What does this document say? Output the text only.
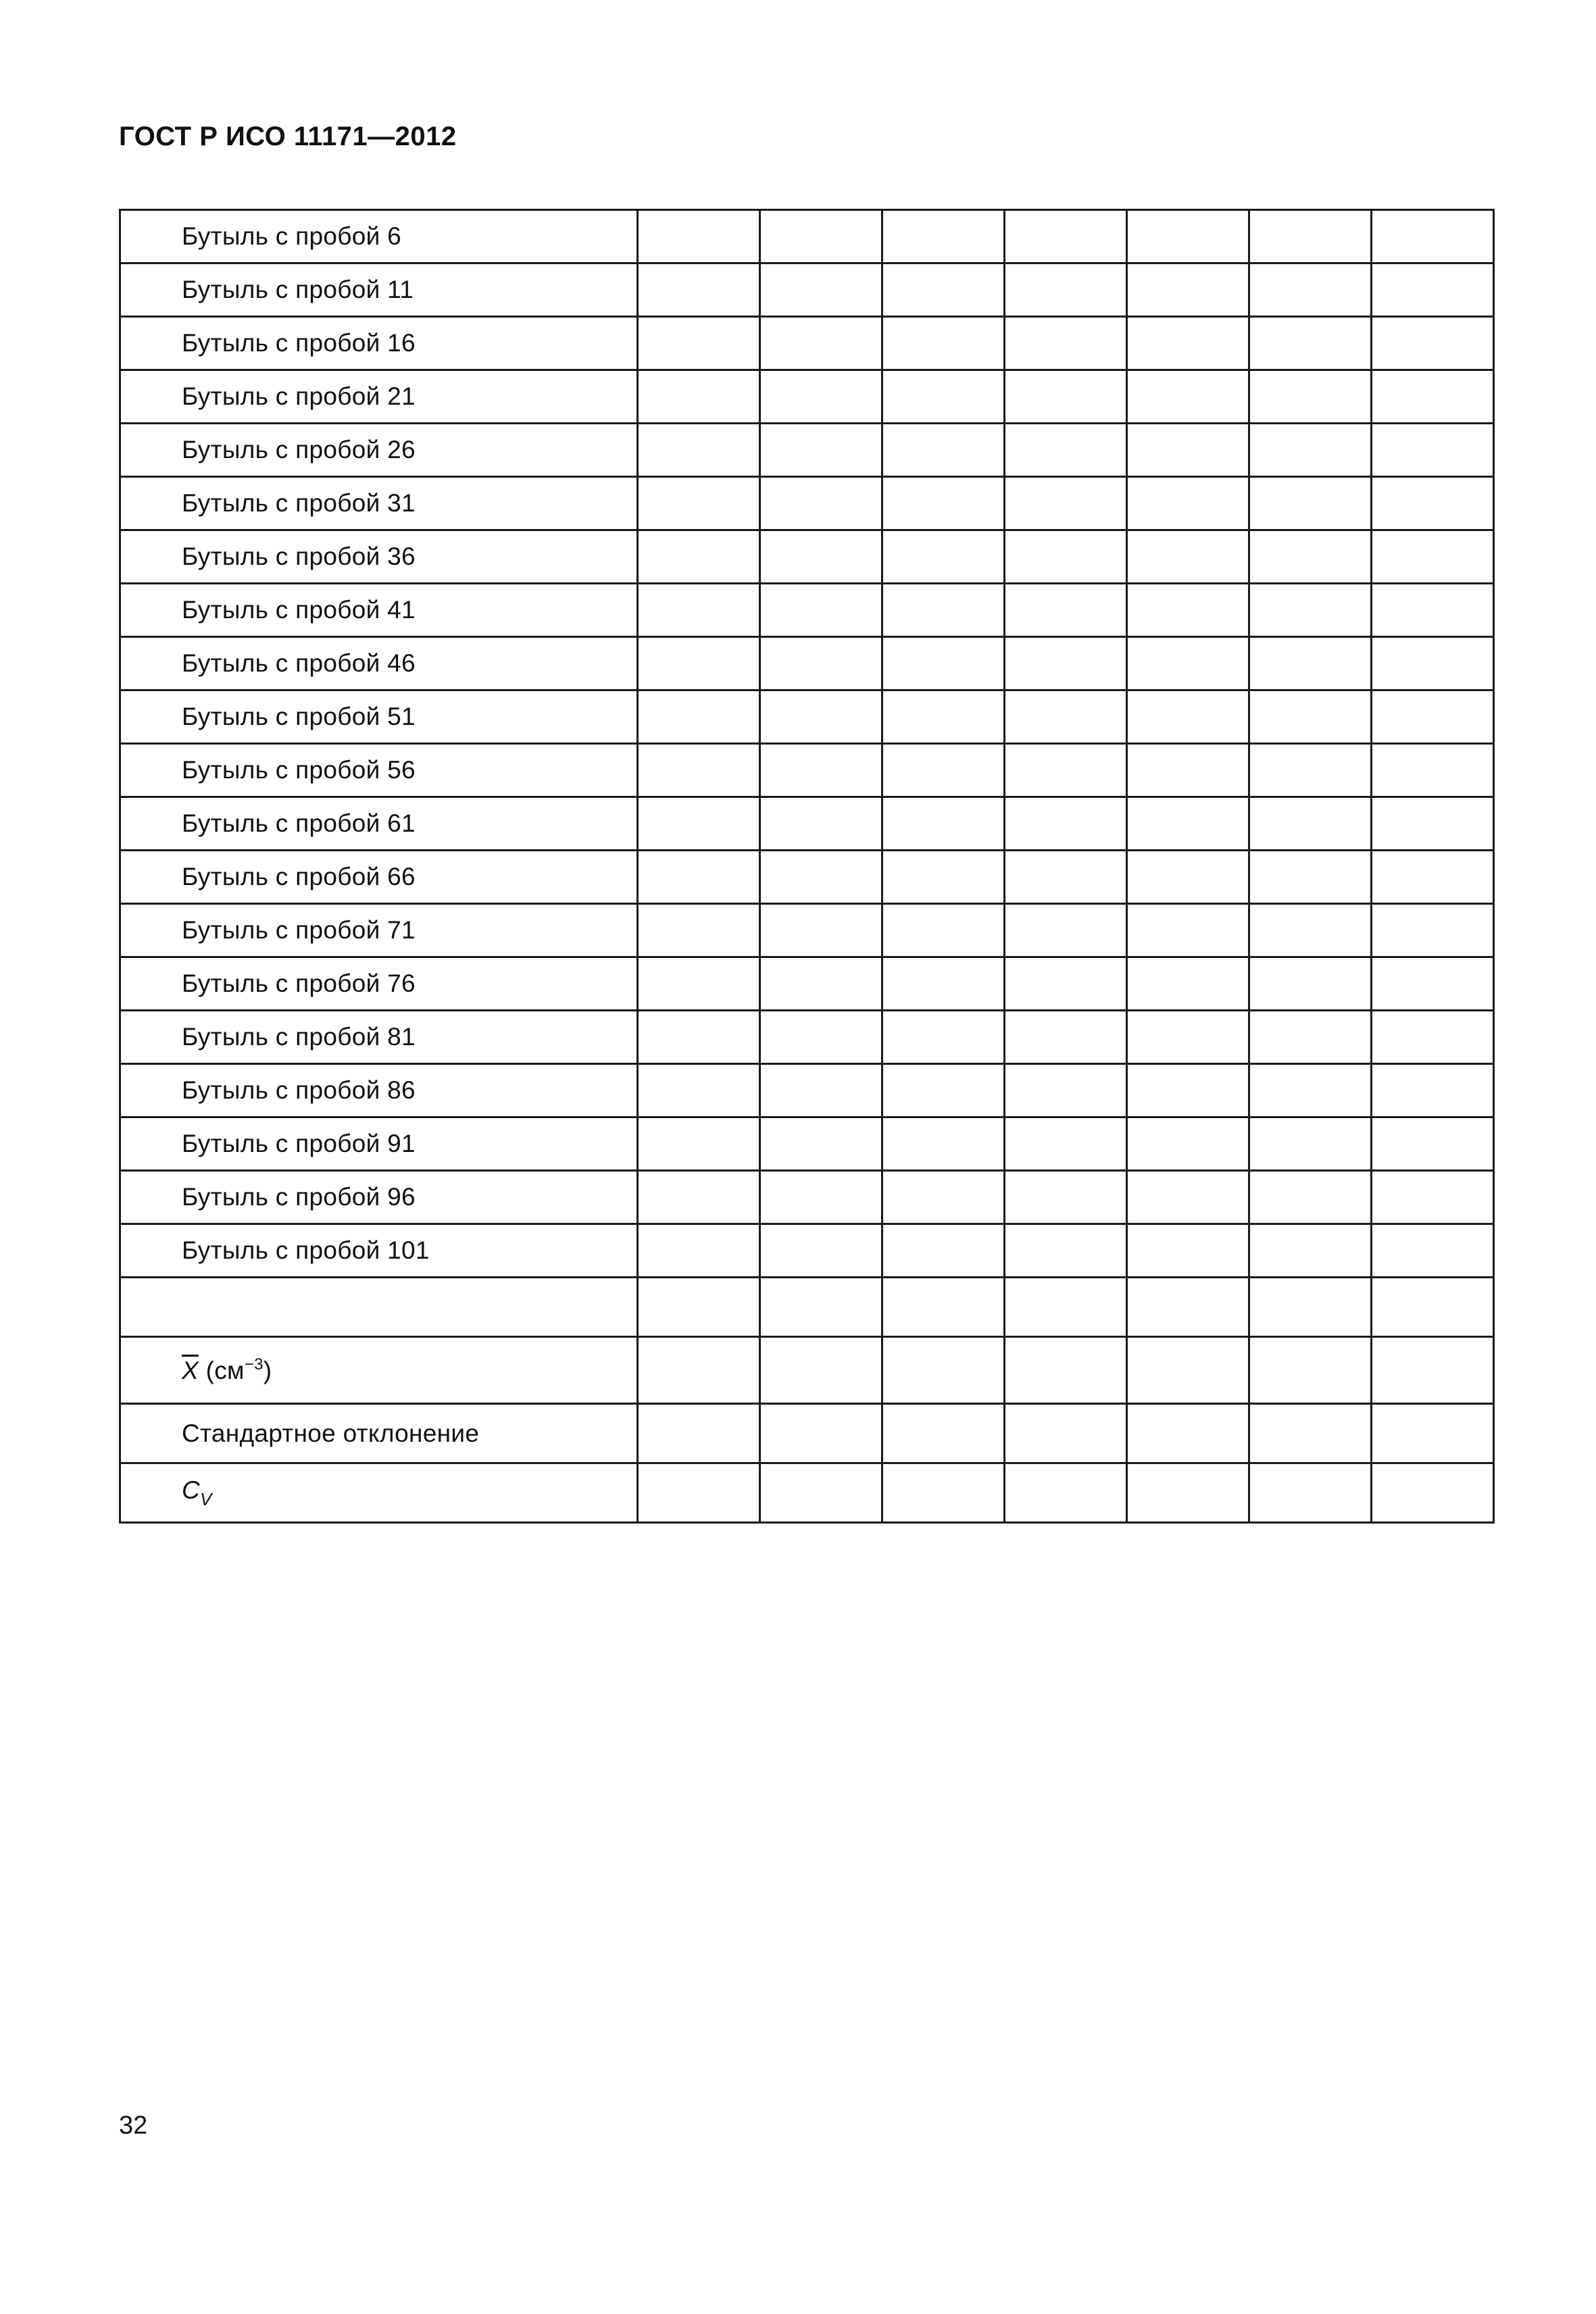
ГОСТ Р ИСО 11171—2012
Бутыль с пробой 6							
Бутыль с пробой 11							
Бутыль с пробой 16							
Бутыль с пробой 21							
Бутыль с пробой 26							
Бутыль с пробой 31							
Бутыль с пробой 36							
Бутыль с пробой 41							
Бутыль с пробой 46							
Бутыль с пробой 51							
Бутыль с пробой 56							
Бутыль с пробой 61							
Бутыль с пробой 66							
Бутыль с пробой 71							
Бутыль с пробой 76							
Бутыль с пробой 81							
Бутыль с пробой 86							
Бутыль с пробой 91							
Бутыль с пробой 96							
Бутыль с пробой 101							

$\overline{X}$ $(см^{-3})$							
Стандартное отклонение							
$C_V$							
32
